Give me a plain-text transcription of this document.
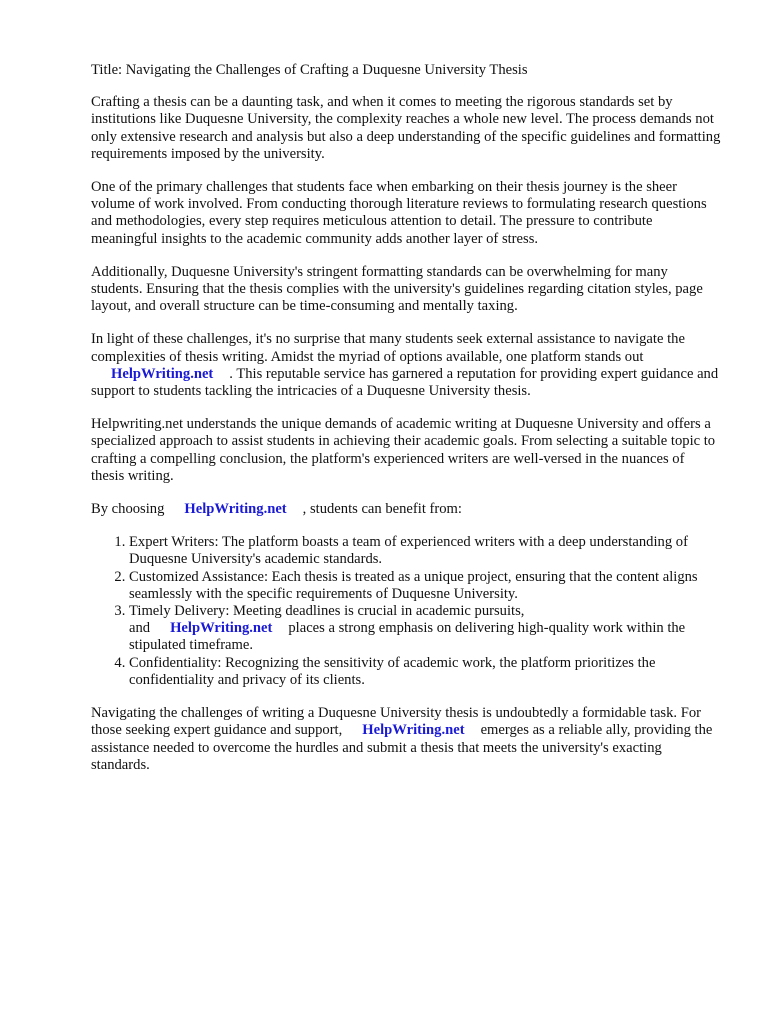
Title: Navigating the Challenges of Crafting a Duquesne University Thesis

Crafting a thesis can be a daunting task, and when it comes to meeting the rigorous standards set by institutions like Duquesne University, the complexity reaches a whole new level. The process demands not only extensive research and analysis but also a deep understanding of the specific guidelines and formatting requirements imposed by the university.

One of the primary challenges that students face when embarking on their thesis journey is the sheer volume of work involved. From conducting thorough literature reviews to formulating research questions and methodologies, every step requires meticulous attention to detail. The pressure to contribute meaningful insights to the academic community adds another layer of stress.

Additionally, Duquesne University's stringent formatting standards can be overwhelming for many students. Ensuring that the thesis complies with the university's guidelines regarding citation styles, page layout, and overall structure can be time-consuming and mentally taxing.

In light of these challenges, it's no surprise that many students seek external assistance to navigate the complexities of thesis writing. Amidst the myriad of options available, one platform stands out
HelpWriting.net . This reputable service has garnered a reputation for providing expert guidance and support to students tackling the intricacies of a Duquesne University thesis.

Helpwriting.net understands the unique demands of academic writing at Duquesne University and offers a specialized approach to assist students in achieving their academic goals. From selecting a suitable topic to crafting a compelling conclusion, the platform's experienced writers are well-versed in the nuances of thesis writing.

By choosing HelpWriting.net , students can benefit from:

1. Expert Writers: The platform boasts a team of experienced writers with a deep understanding of Duquesne University's academic standards.
2. Customized Assistance: Each thesis is treated as a unique project, ensuring that the content aligns seamlessly with the specific requirements of Duquesne University.
3. Timely Delivery: Meeting deadlines is crucial in academic pursuits, and HelpWriting.net places a strong emphasis on delivering high-quality work within the stipulated timeframe.
4. Confidentiality: Recognizing the sensitivity of academic work, the platform prioritizes the confidentiality and privacy of its clients.

Navigating the challenges of writing a Duquesne University thesis is undoubtedly a formidable task. For those seeking expert guidance and support, HelpWriting.net emerges as a reliable ally, providing the assistance needed to overcome the hurdles and submit a thesis that meets the university's exacting standards.
